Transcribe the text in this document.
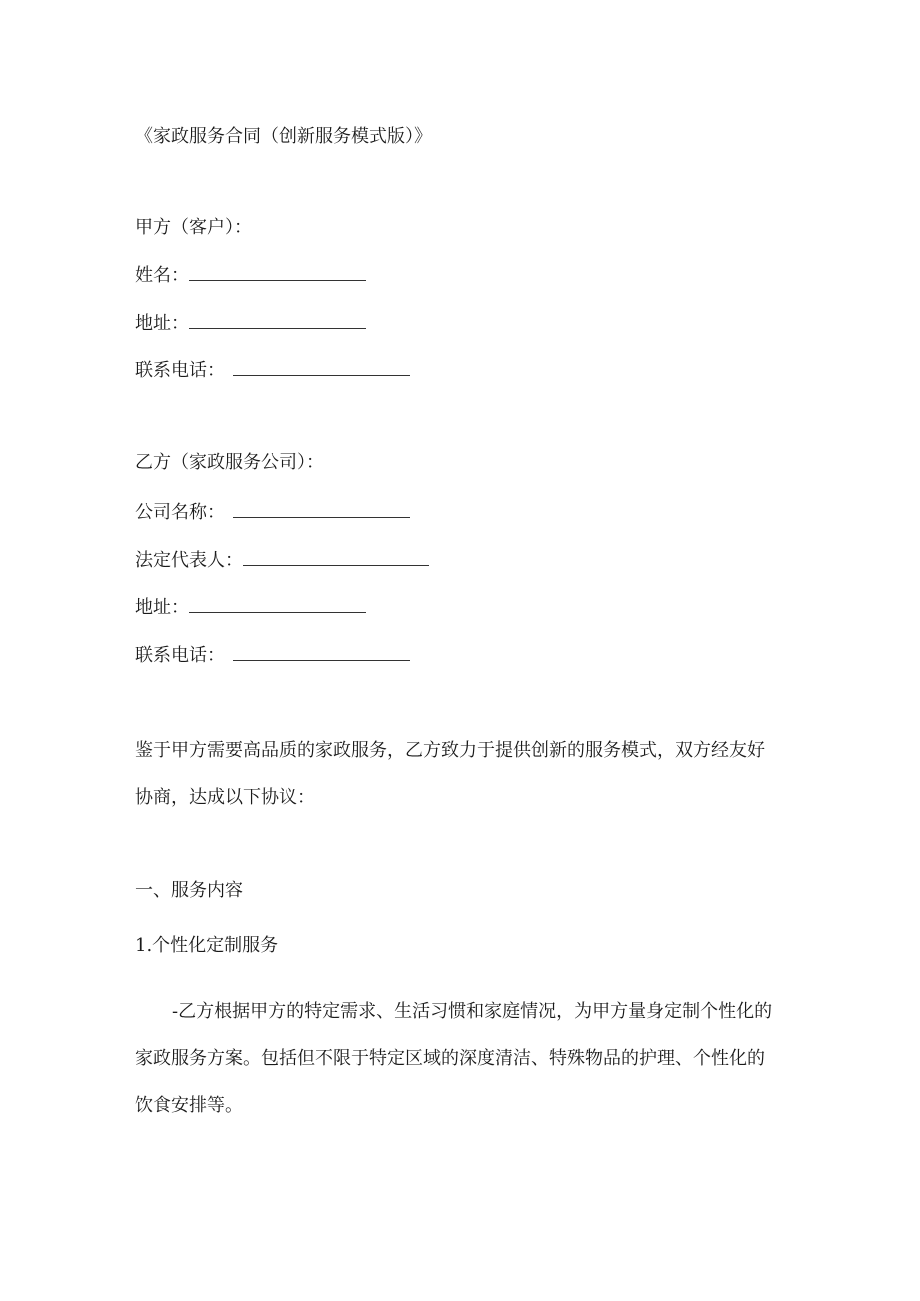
《家政服务合同（创新服务模式版）》
甲方（客户）：
姓名：
地址：
联系电话：
乙方（家政服务公司）：
公司名称：
法定代表人：
地址：
联系电话：
鉴于甲方需要高品质的家政服务，乙方致力于提供创新的服务模式，双方经友好协商，达成以下协议：
一、服务内容
1.个性化定制服务
-乙方根据甲方的特定需求、生活习惯和家庭情况，为甲方量身定制个性化的家政服务方案。包括但不限于特定区域的深度清洁、特殊物品的护理、个性化的饮食安排等。
